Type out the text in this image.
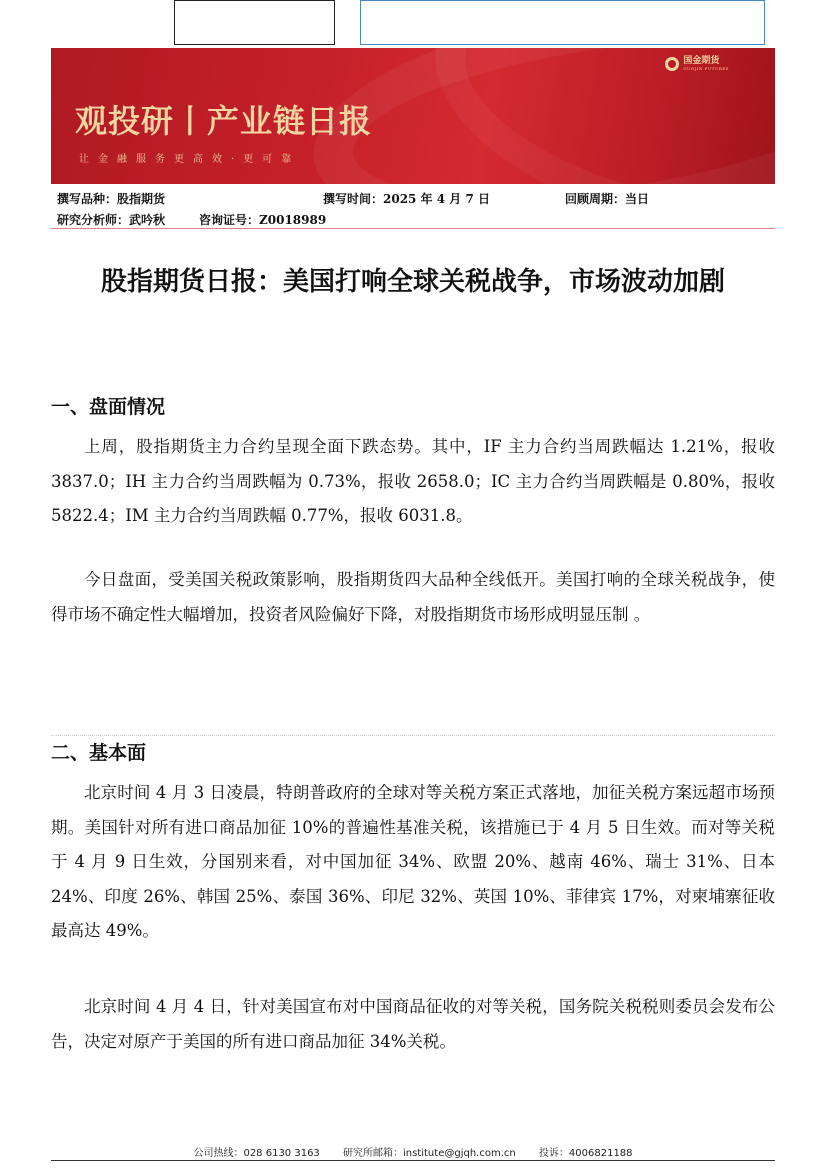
国金期货
GUOJIN FUTURES
观投研丨产业链日报
让金融服务更高效·更可靠
撰写品种：股指期货	撰写时间：2025 年 4 月 7 日	回顾周期：当日
研究分析师：武吟秋	咨询证号：Z0018989
股指期货日报：美国打响全球关税战争，市场波动加剧
一、盘面情况
上周，股指期货主力合约呈现全面下跌态势。其中，IF 主力合约当周跌幅达 1.21%，报收 3837.0；IH 主力合约当周跌幅为 0.73%，报收 2658.0；IC 主力合约当周跌幅是 0.80%，报收 5822.4；IM 主力合约当周跌幅 0.77%，报收 6031.8。
今日盘面，受美国关税政策影响，股指期货四大品种全线低开。美国打响的全球关税战争，使得市场不确定性大幅增加，投资者风险偏好下降，对股指期货市场形成明显压制 。
二、基本面
北京时间 4 月 3 日凌晨，特朗普政府的全球对等关税方案正式落地，加征关税方案远超市场预期。美国针对所有进口商品加征 10%的普遍性基准关税，该措施已于 4 月 5 日生效。而对等关税于 4 月 9 日生效，分国别来看，对中国加征 34%、欧盟 20%、越南 46%、瑞士 31%、日本 24%、印度 26%、韩国 25%、泰国 36%、印尼 32%、英国 10%、菲律宾 17%，对柬埔寨征收最高达 49%。
北京时间 4 月 4 日，针对美国宣布对中国商品征收的对等关税，国务院关税税则委员会发布公告，决定对原产于美国的所有进口商品加征 34%关税。
公司热线：028 6130 3163 研究所邮箱：institute@gjqh.com.cn 投诉：4006821188
